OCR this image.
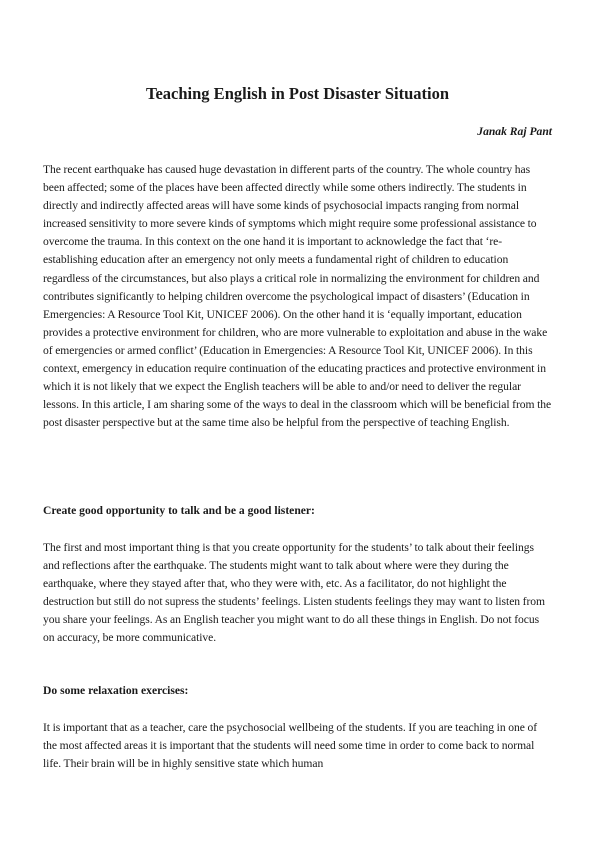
Teaching English in Post Disaster Situation

Janak Raj Pant

The recent earthquake has caused huge devastation in different parts of the country. The whole country has been affected; some of the places have been affected directly while some others indirectly. The students in directly and indirectly affected areas will have some kinds of psychosocial impacts ranging from normal increased sensitivity to more severe kinds of symptoms which might require some professional assistance to overcome the trauma. In this context on the one hand it is important to acknowledge the fact that ‘re-establishing education after an emergency not only meets a fundamental right of children to education regardless of the circumstances, but also plays a critical role in normalizing the environment for children and contributes significantly to helping children overcome the psychological impact of disasters’ (Education in Emergencies: A Resource Tool Kit, UNICEF 2006). On the other hand it is ‘equally important, education provides a protective environment for children, who are more vulnerable to exploitation and abuse in the wake of emergencies or armed conflict’ (Education in Emergencies: A Resource Tool Kit, UNICEF 2006). In this context, emergency in education require continuation of the educating practices and protective environment in which it is not likely that we expect the English teachers will be able to and/or need to deliver the regular lessons. In this article, I am sharing some of the ways to deal in the classroom which will be beneficial from the post disaster perspective but at the same time also be helpful from the perspective of teaching English.

Create good opportunity to talk and be a good listener:

The first and most important thing is that you create opportunity for the students’ to talk about their feelings and reflections after the earthquake. The students might want to talk about where were they during the earthquake, where they stayed after that, who they were with, etc. As a facilitator, do not highlight the destruction but still do not supress the students’ feelings. Listen students feelings they may want to listen from you share your feelings. As an English teacher you might want to do all these things in English. Do not focus on accuracy, be more communicative.

Do some relaxation exercises:

It is important that as a teacher, care the psychosocial wellbeing of the students. If you are teaching in one of the most affected areas it is important that the students will need some time in order to come back to normal life. Their brain will be in highly sensitive state which human
